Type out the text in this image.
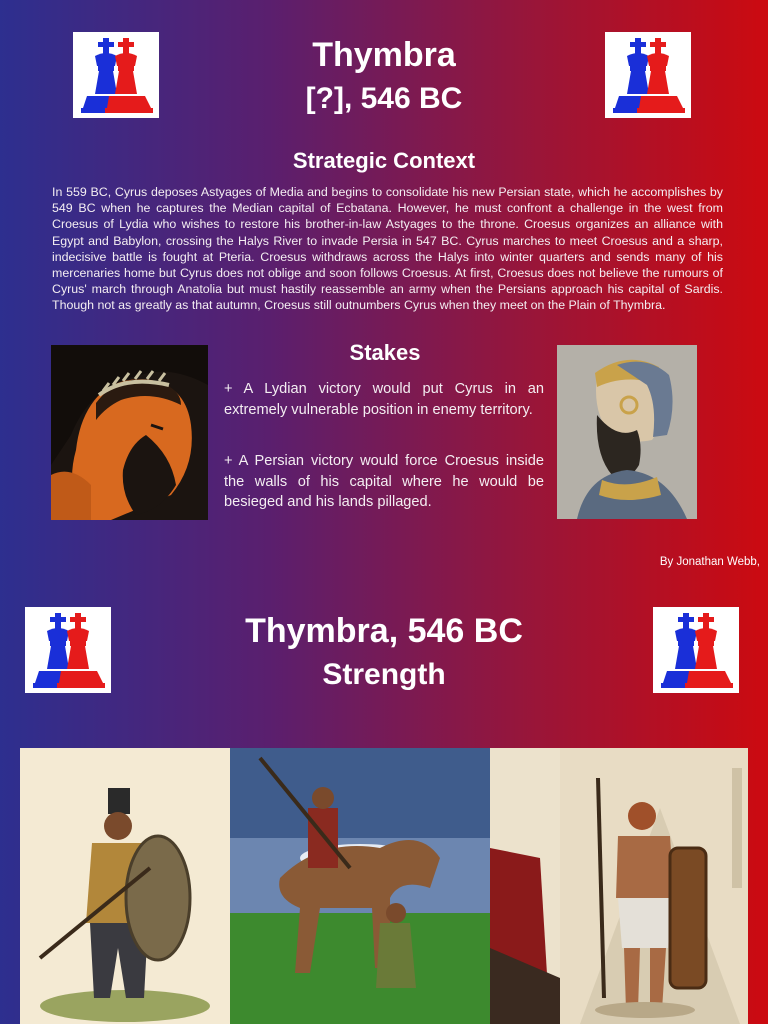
Thymbra
[?], 546 BC
Strategic Context
In 559 BC, Cyrus deposes Astyages of Media and begins to consolidate his new Persian state, which he accomplishes by 549 BC when he captures the Median capital of Ecbatana. However, he must confront a challenge in the west from Croesus of Lydia who wishes to restore his brother-in-law Astyages to the throne. Croesus organizes an alliance with Egypt and Babylon, crossing the Halys River to invade Persia in 547 BC. Cyrus marches to meet Croesus and a sharp, indecisive battle is fought at Pteria. Croesus withdraws across the Halys into winter quarters and sends many of his mercenaries home but Cyrus does not oblige and soon follows Croesus. At first, Croesus does not believe the rumours of Cyrus' march through Anatolia but must hastily reassemble an army when the Persians approach his capital of Sardis. Though not as greatly as that autumn, Croesus still outnumbers Cyrus when they meet on the Plain of Thymbra.
Stakes
+ A Lydian victory would put Cyrus in an extremely vulnerable position in enemy territory.
+ A Persian victory would force Croesus inside the walls of his capital where he would be besieged and his lands pillaged.
By Jonathan Webb,
Thymbra, 546 BC
Strength
